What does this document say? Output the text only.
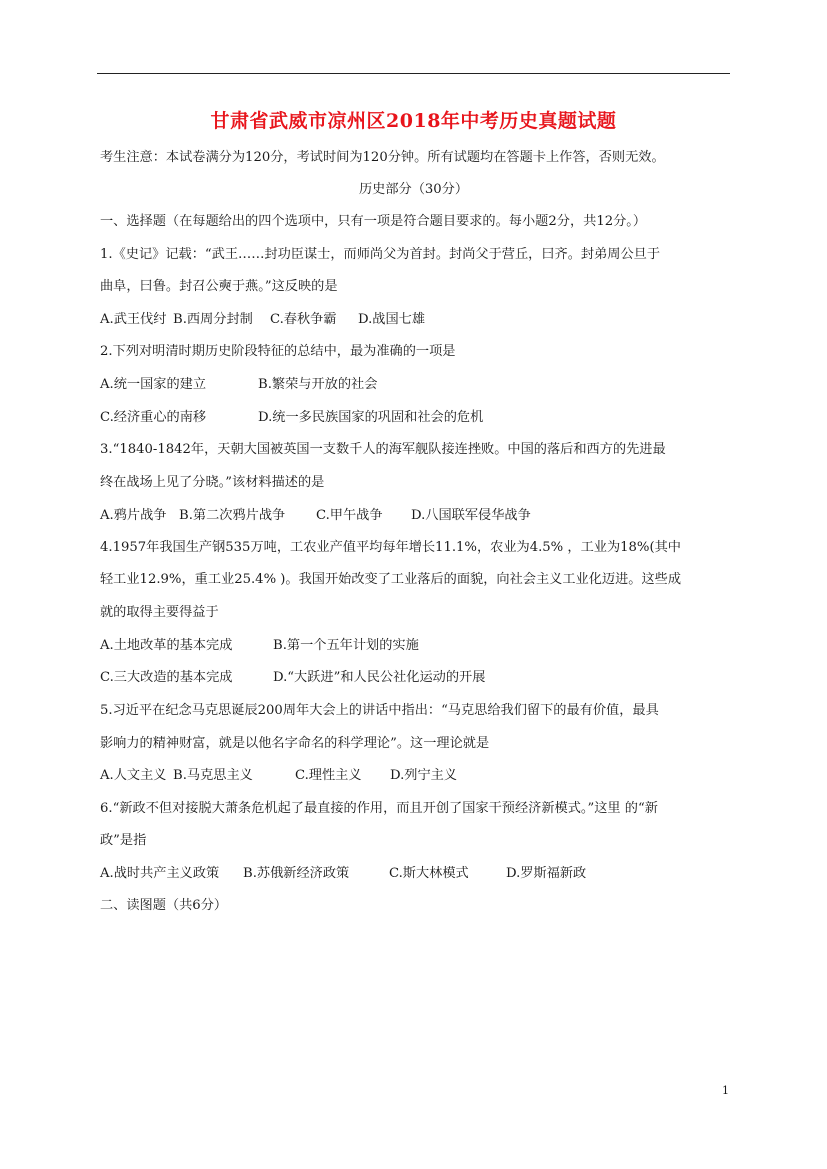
甘肃省武威市凉州区2018年中考历史真题试题
考生注意：本试卷满分为120分，考试时间为120分钟。所有试题均在答题卡上作答，否则无效。
历史部分（30分）
一、选择题（在每题给出的四个选项中，只有一项是符合题目要求的。每小题2分，共12分。）
1.《史记》记载：“武王……封功臣谋士，而师尚父为首封。封尚父于营丘，曰齐。封弟周公旦于
曲阜，曰鲁。封召公奭于燕。”这反映的是
A.武王伐纣 B.西周分封制 C.春秋争霸 D.战国七雄
2.下列对明清时期历史阶段特征的总结中，最为准确的一项是
A.统一国家的建立	B.繁荣与开放的社会
C.经济重心的南移	D.统一多民族国家的巩固和社会的危机
3.“1840-1842年，天朝大国被英国一支数千人的海军舰队接连挫败。中国的落后和西方的先进最
终在战场上见了分晓。”该材料描述的是
A.鸦片战争 B.第二次鸦片战争 C.甲午战争 D.八国联军侵华战争
4.1957年我国生产钢535万吨，工农业产值平均每年增长11.1%，农业为4.5% ，工业为18%(其中
轻工业12.9%，重工业25.4% )。我国开始改变了工业落后的面貌，向社会主义工业化迈进。这些成
就的取得主要得益于
A.土地改革的基本完成	B.第一个五年计划的实施
C.三大改造的基本完成	D.“大跃进”和人民公社化运动的开展
5.习近平在纪念马克思诞辰200周年大会上的讲话中指出：“马克思给我们留下的最有价值，最具
影响力的精神财富，就是以他名字命名的科学理论”。这一理论就是
A.人文主义 B.马克思主义	C.理性主义 D.列宁主义
6.“新政不但对接脱大萧条危机起了最直接的作用，而且开创了国家干预经济新模式。”这里 的“新
政”是指
A.战时共产主义政策 B.苏俄新经济政策	C.斯大林模式	D.罗斯福新政
二、读图题（共6分）
1
